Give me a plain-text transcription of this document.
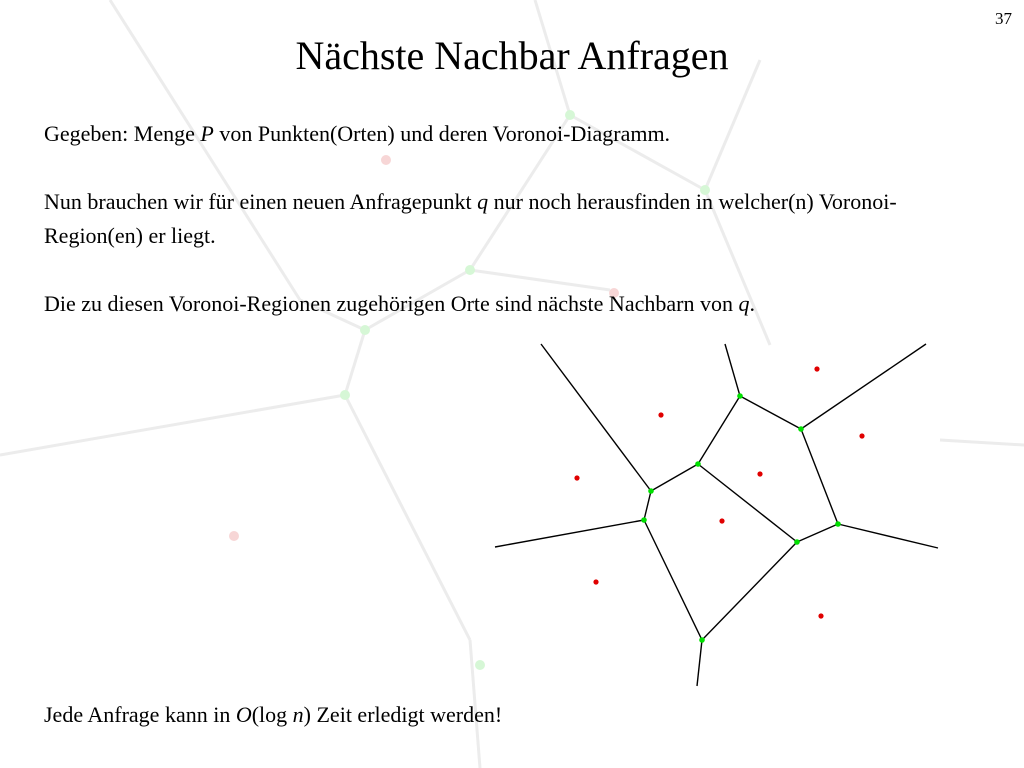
37
Nächste Nachbar Anfragen

Gegeben: Menge P von Punkten(Orten) und deren Voronoi-Diagramm.

Nun brauchen wir für einen neuen Anfragepunkt q nur noch herausfinden in welcher(n) Voronoi-Region(en) er liegt.

Die zu diesen Voronoi-Regionen zugehörigen Orte sind nächste Nachbarn von q.

Jede Anfrage kann in O(log n) Zeit erledigt werden!
